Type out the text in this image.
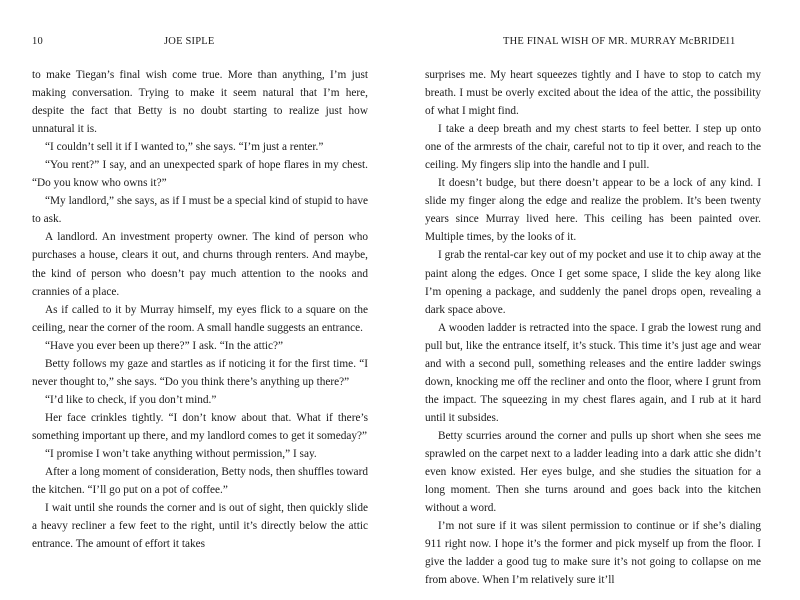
10	JOE SIPLE

to make Tiegan’s final wish come true. More than anything, I’m just making conversation. Trying to make it seem natural that I’m here, despite the fact that Betty is no doubt starting to realize just how unnatural it is.

“I couldn’t sell it if I wanted to,” she says. “I’m just a renter.”

“You rent?” I say, and an unexpected spark of hope flares in my chest. “Do you know who owns it?”

“My landlord,” she says, as if I must be a special kind of stupid to have to ask.

A landlord. An investment property owner. The kind of person who purchases a house, clears it out, and churns through renters. And maybe, the kind of person who doesn’t pay much attention to the nooks and crannies of a place.

As if called to it by Murray himself, my eyes flick to a square on the ceiling, near the corner of the room. A small handle suggests an entrance.

“Have you ever been up there?” I ask. “In the attic?”

Betty follows my gaze and startles as if noticing it for the first time. “I never thought to,” she says. “Do you think there’s anything up there?”

“I’d like to check, if you don’t mind.”

Her face crinkles tightly. “I don’t know about that. What if there’s something important up there, and my landlord comes to get it someday?”

“I promise I won’t take anything without permission,” I say.

After a long moment of consideration, Betty nods, then shuffles toward the kitchen. “I’ll go put on a pot of coffee.”

I wait until she rounds the corner and is out of sight, then quickly slide a heavy recliner a few feet to the right, until it’s directly below the attic entrance. The amount of effort it takes

THE FINAL WISH OF MR. MURRAY McBRIDE
11

surprises me. My heart squeezes tightly and I have to stop to catch my breath. I must be overly excited about the idea of the attic, the possibility of what I might find.

I take a deep breath and my chest starts to feel better. I step up onto one of the armrests of the chair, careful not to tip it over, and reach to the ceiling. My fingers slip into the handle and I pull.

It doesn’t budge, but there doesn’t appear to be a lock of any kind. I slide my finger along the edge and realize the problem. It’s been twenty years since Murray lived here. This ceiling has been painted over. Multiple times, by the looks of it.

I grab the rental-car key out of my pocket and use it to chip away at the paint along the edges. Once I get some space, I slide the key along like I’m opening a package, and suddenly the panel drops open, revealing a dark space above.

A wooden ladder is retracted into the space. I grab the lowest rung and pull but, like the entrance itself, it’s stuck. This time it’s just age and wear and with a second pull, something releases and the entire ladder swings down, knocking me off the recliner and onto the floor, where I grunt from the impact. The squeezing in my chest flares again, and I rub at it hard until it subsides.

Betty scurries around the corner and pulls up short when she sees me sprawled on the carpet next to a ladder leading into a dark attic she didn’t even know existed. Her eyes bulge, and she studies the situation for a long moment. Then she turns around and goes back into the kitchen without a word.

I’m not sure if it was silent permission to continue or if she’s dialing 911 right now. I hope it’s the former and pick myself up from the floor. I give the ladder a good tug to make sure it’s not going to collapse on me from above. When I’m relatively sure it’ll
